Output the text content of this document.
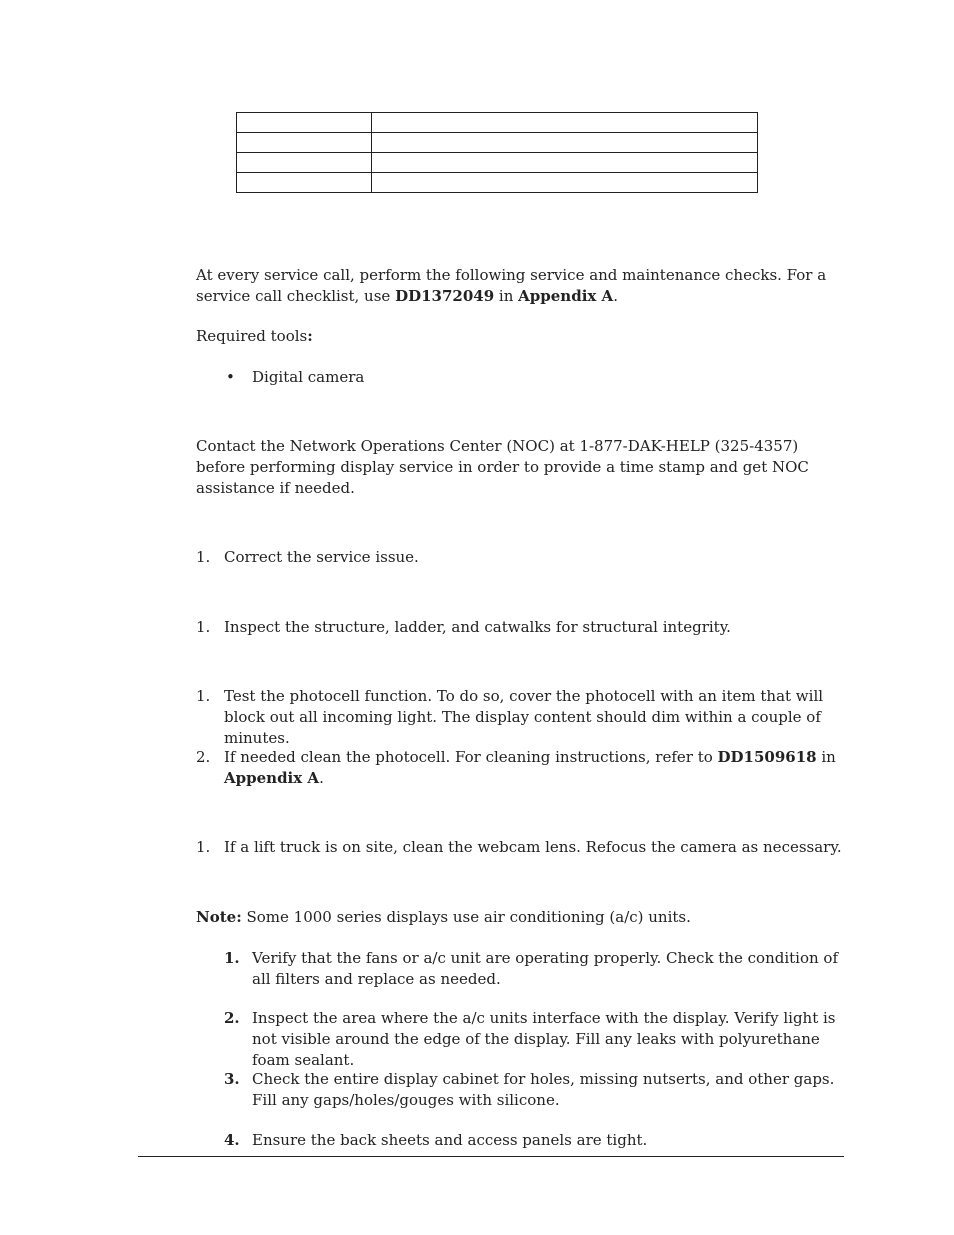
At every service call, perform the following service and maintenance checks. For a service call checklist, use DD1372049 in Appendix A.

Required tools:

• Digital camera

Contact the Network Operations Center (NOC) at 1-877-DAK-HELP (325-4357) before performing display service in order to provide a time stamp and get NOC assistance if needed.

1. Correct the service issue.

1. Inspect the structure, ladder, and catwalks for structural integrity.

1. Test the photocell function. To do so, cover the photocell with an item that will block out all incoming light. The display content should dim within a couple of minutes.

2. If needed clean the photocell. For cleaning instructions, refer to DD1509618 in Appendix A.

1. If a lift truck is on site, clean the webcam lens. Refocus the camera as necessary.

Note: Some 1000 series displays use air conditioning (a/c) units.

1. Verify that the fans or a/c unit are operating properly. Check the condition of all filters and replace as needed.

2. Inspect the area where the a/c units interface with the display. Verify light is not visible around the edge of the display. Fill any leaks with polyurethane foam sealant.

3. Check the entire display cabinet for holes, missing nutserts, and other gaps. Fill any gaps/holes/gouges with silicone.

4. Ensure the back sheets and access panels are tight.
